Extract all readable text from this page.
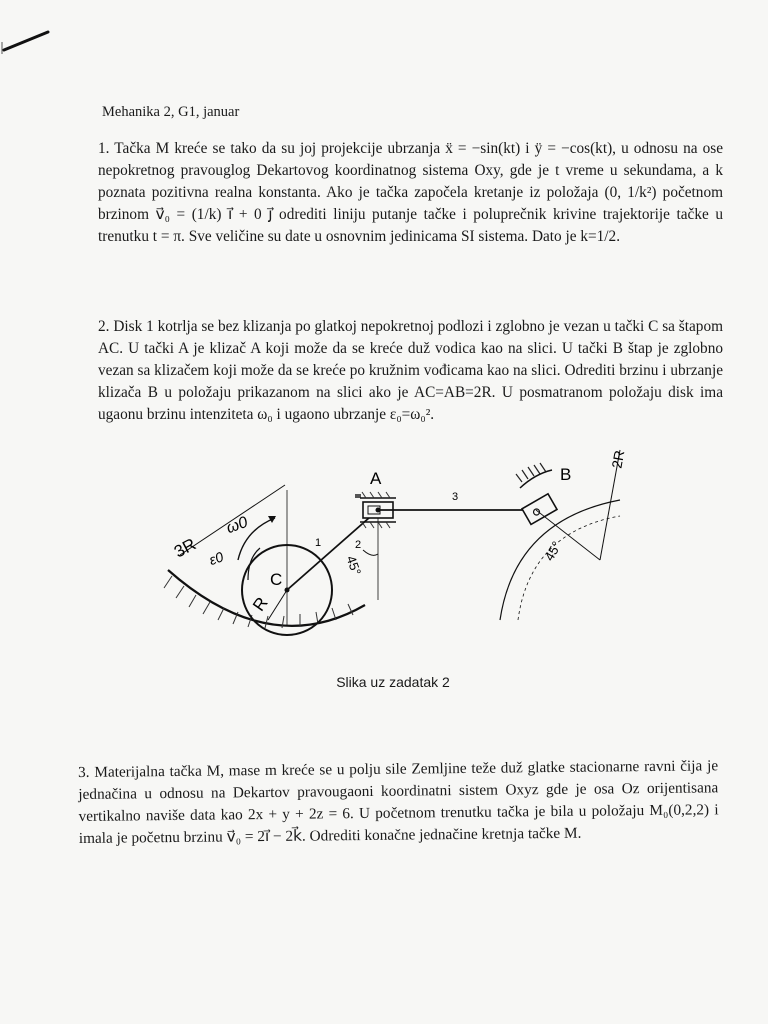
Mehanika 2, G1, januar
1. Tačka M kreće se tako da su joj projekcije ubrzanja ẍ = −sin(kt) i ÿ = −cos(kt), u odnosu na ose nepokretnog pravouglog Dekartovog koordinatnog sistema Oxy, gde je t vreme u sekundama, a k poznata pozitivna realna konstanta. Ako je tačka započela kretanje iz položaja (0, 1/k²) početnom brzinom v⃗₀ = (1/k) i⃗ + 0 j⃗ odrediti liniju putanje tačke i poluprečnik krivine trajektorije tačke u trenutku t = π. Sve veličine su date u osnovnim jedinicama SI sistema. Dato je k=1/2.
2. Disk 1 kotrlja se bez klizanja po glatkoj nepokretnoj podlozi i zglobno je vezan u tački C sa štapom AC. U tački A je klizač A koji može da se kreće duž vodica kao na slici. U tački B štap je zglobno vezan sa klizačem koji može da se kreće po kružnim vođicama kao na slici. Odrediti brzinu i ubrzanje klizača B u položaju prikazanom na slici ako je AC=AB=2R. U posmatranom položaju disk ima ugaonu brzinu intenziteta ω₀ i ugaono ubrzanje ε₀=ω₀².
3R
C
R
ω0
ε0
1	2
45°
A
3
B
2R
45°
Slika uz zadatak 2
3. Materijalna tačka M, mase m kreće se u polju sile Zemljine teže duž glatke stacionarne ravni čija je jednačina u odnosu na Dekartov pravougaoni koordinatni sistem Oxyz gde je osa Oz orijentisana vertikalno naviše data kao 2x + y + 2z = 6. U početnom trenutku tačka je bila u položaju M₀(0,2,2) i imala je početnu brzinu v⃗₀ = 2i⃗ − 2k⃗. Odrediti konačne jednačine kretnja tačke M.
